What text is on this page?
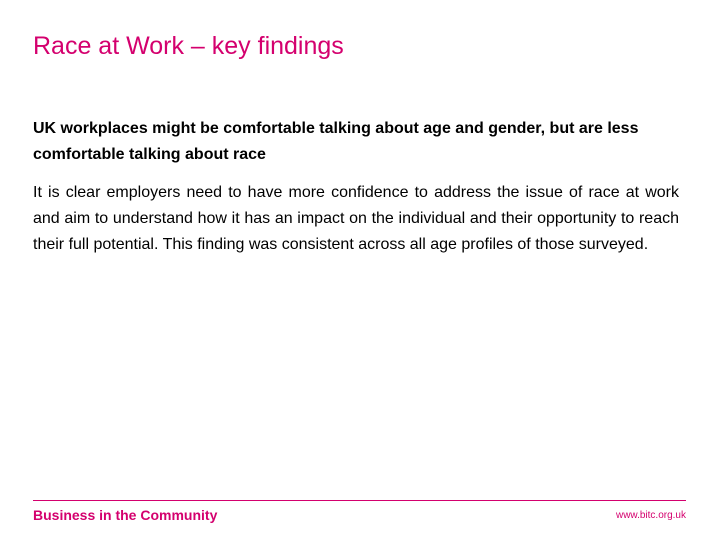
Race at Work – key findings

UK workplaces might be comfortable talking about age and gender, but are less comfortable talking about race

It is clear employers need to have more confidence to address the issue of race at work and aim to understand how it has an impact on the individual and their opportunity to reach their full potential. This finding was consistent across all age profiles of those surveyed.

Business in the Community	www.bitc.org.uk
